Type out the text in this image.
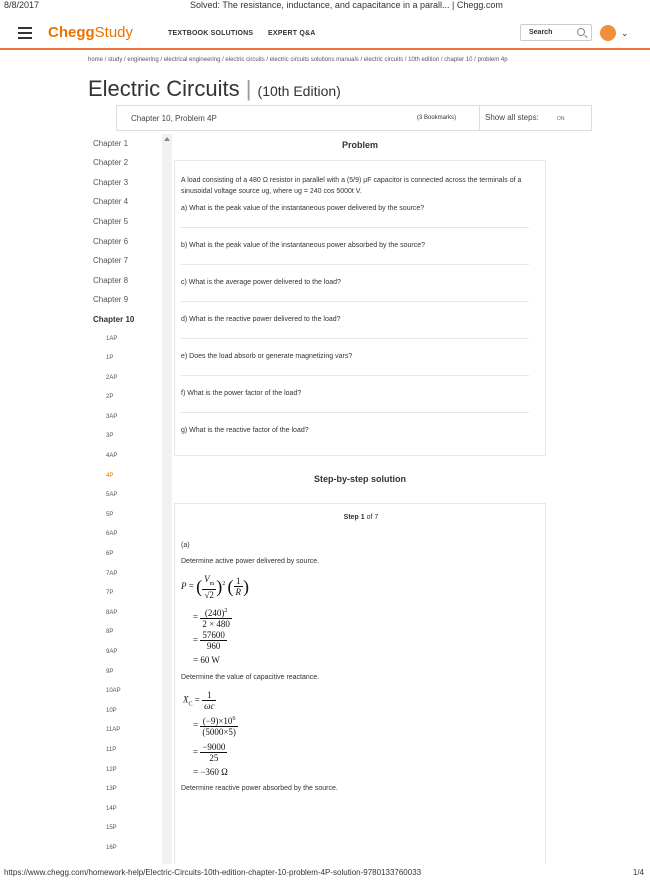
8/8/2017	Solved: The resistance, inductance, and capacitance in a parall... | Chegg.com
CheggStudy	TEXTBOOK SOLUTIONS EXPERT Q&A	Search	⌄
home / study / engineering / electrical engineering / electric circuits / electric circuits solutions manuals / electric circuits / 10th edition / chapter 10 / problem 4p
Electric Circuits | (10th Edition)
Chapter 10, Problem 4P	(3 Bookmarks)	Show all steps:	ON
Chapter 1
Chapter 2
Chapter 3
Chapter 4
Chapter 5
Chapter 6
Chapter 7
Chapter 8
Chapter 9
Chapter 10
1AP
1P
2AP
2P
3AP
3P
4AP
4P
5AP
5P
6AP
6P
7AP
7P
8AP
8P
9AP
9P
10AP
10P
11AP
11P
12P
13P
14P
15P
16P
Problem
A load consisting of a 480 Ω resistor in parallel with a (5/9) μF capacitor is connected across the terminals of a sinusoidal voltage source υg, where υg = 240 cos 5000t V.
a) What is the peak value of the instantaneous power delivered by the source?
b) What is the peak value of the instantaneous power absorbed by the source?
c) What is the average power delivered to the load?
d) What is the reactive power delivered to the load?
e) Does the load absorb or generate magnetizing vars?
f) What is the power factor of the load?
g) What is the reactive factor of the load?
Step-by-step solution
Step 1 of 7
(a)
Determine active power delivered by source.
P = ( $\frac{V_m}{√2} )^2$ ( $\frac{1}{R}$ )
= $\frac{(240)^2}{2 \times 480}$
= $\frac{57600}{960}$
= 60 W
Determine the value of capacitive reactance.
$X_C = \frac{1}{\omega c}$
= $\frac{(-9)\times 10^6}{(5000\times 5)}$
= $\frac{-9000}{25}$
= −360 Ω
Determine reactive power absorbed by the source.
https://www.chegg.com/homework-help/Electric-Circuits-10th-edition-chapter-10-problem-4P-solution-9780133760033	1/4
